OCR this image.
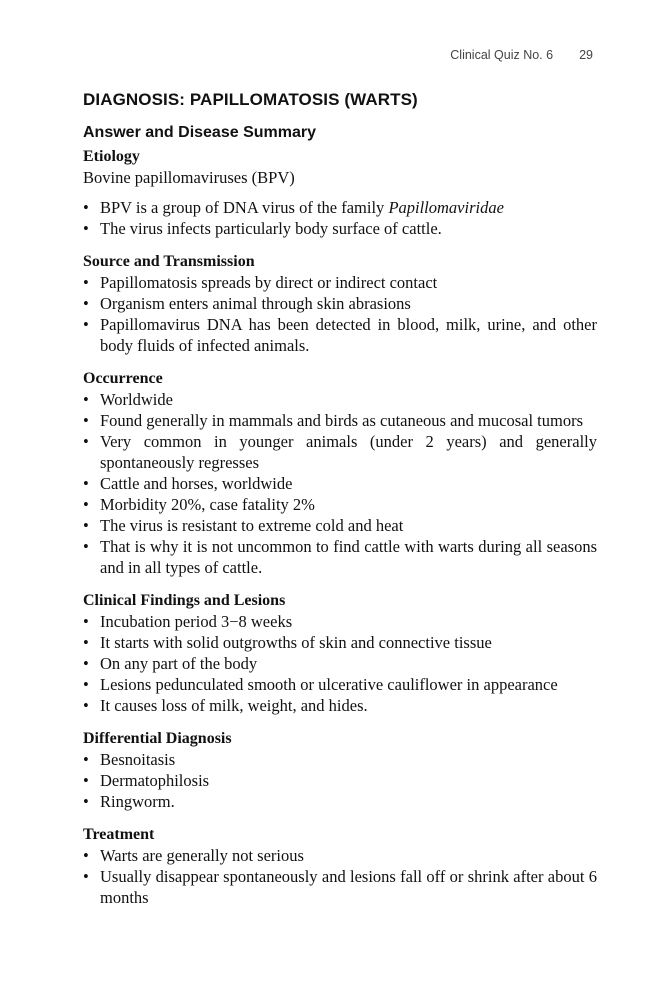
Clinical Quiz No. 6 29
DIAGNOSIS: PAPILLOMATOSIS (WARTS)
Answer and Disease Summary
Etiology

Bovine papillomaviruses (BPV)

• BPV is a group of DNA virus of the family Papillomaviridae
• The virus infects particularly body surface of cattle.
Source and Transmission
• Papillomatosis spreads by direct or indirect contact
• Organism enters animal through skin abrasions
• Papillomavirus DNA has been detected in blood, milk, urine, and other body fluids of infected animals.
Occurrence
• Worldwide
• Found generally in mammals and birds as cutaneous and mucosal tumors
• Very common in younger animals (under 2 years) and generally spontaneously regresses
• Cattle and horses, worldwide
• Morbidity 20%, case fatality 2%
• The virus is resistant to extreme cold and heat
• That is why it is not uncommon to find cattle with warts during all seasons and in all types of cattle.
Clinical Findings and Lesions
• Incubation period 3−8 weeks
• It starts with solid outgrowths of skin and connective tissue
• On any part of the body
• Lesions pedunculated smooth or ulcerative cauliflower in appearance
• It causes loss of milk, weight, and hides.
Differential Diagnosis
• Besnoitasis
• Dermatophilosis
• Ringworm.
Treatment
• Warts are generally not serious
• Usually disappear spontaneously and lesions fall off or shrink after about 6 months
